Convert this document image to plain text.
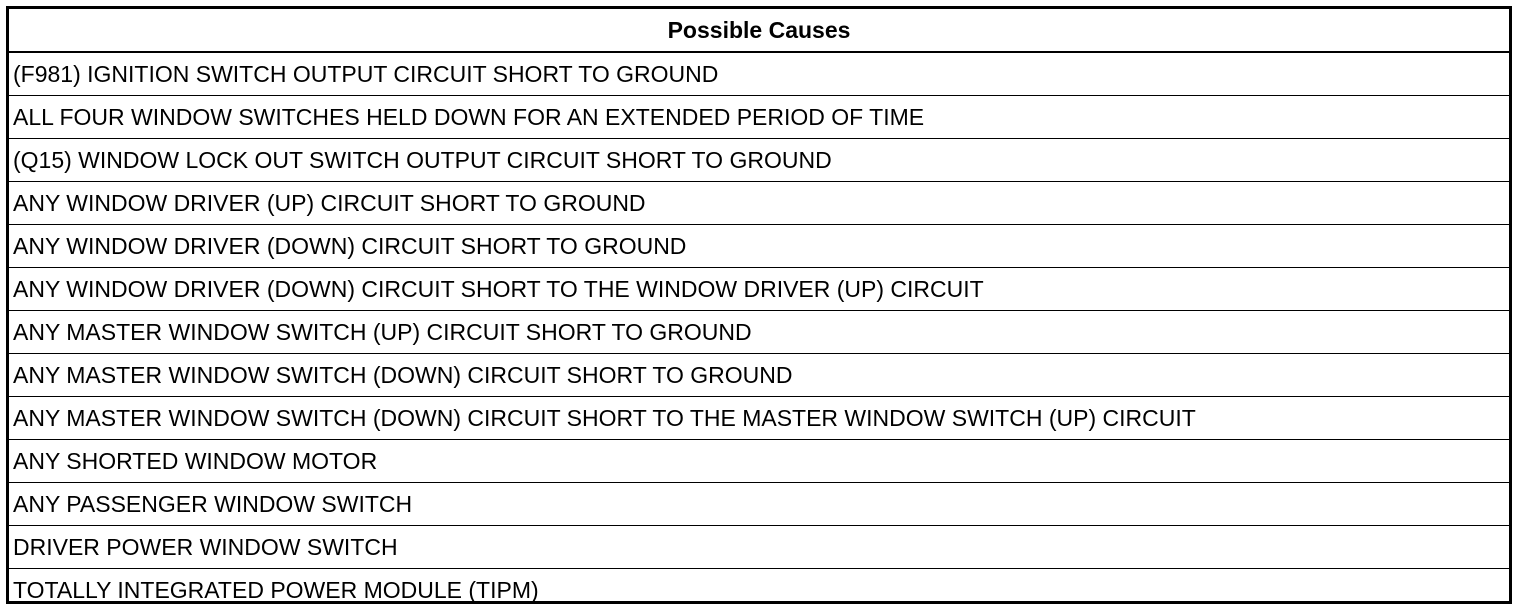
Possible Causes
(F981) IGNITION SWITCH OUTPUT CIRCUIT SHORT TO GROUND
ALL FOUR WINDOW SWITCHES HELD DOWN FOR AN EXTENDED PERIOD OF TIME
(Q15) WINDOW LOCK OUT SWITCH OUTPUT CIRCUIT SHORT TO GROUND
ANY WINDOW DRIVER (UP) CIRCUIT SHORT TO GROUND
ANY WINDOW DRIVER (DOWN) CIRCUIT SHORT TO GROUND
ANY WINDOW DRIVER (DOWN) CIRCUIT SHORT TO THE WINDOW DRIVER (UP) CIRCUIT
ANY MASTER WINDOW SWITCH (UP) CIRCUIT SHORT TO GROUND
ANY MASTER WINDOW SWITCH (DOWN) CIRCUIT SHORT TO GROUND
ANY MASTER WINDOW SWITCH (DOWN) CIRCUIT SHORT TO THE MASTER WINDOW SWITCH (UP) CIRCUIT
ANY SHORTED WINDOW MOTOR
ANY PASSENGER WINDOW SWITCH
DRIVER POWER WINDOW SWITCH
TOTALLY INTEGRATED POWER MODULE (TIPM)
